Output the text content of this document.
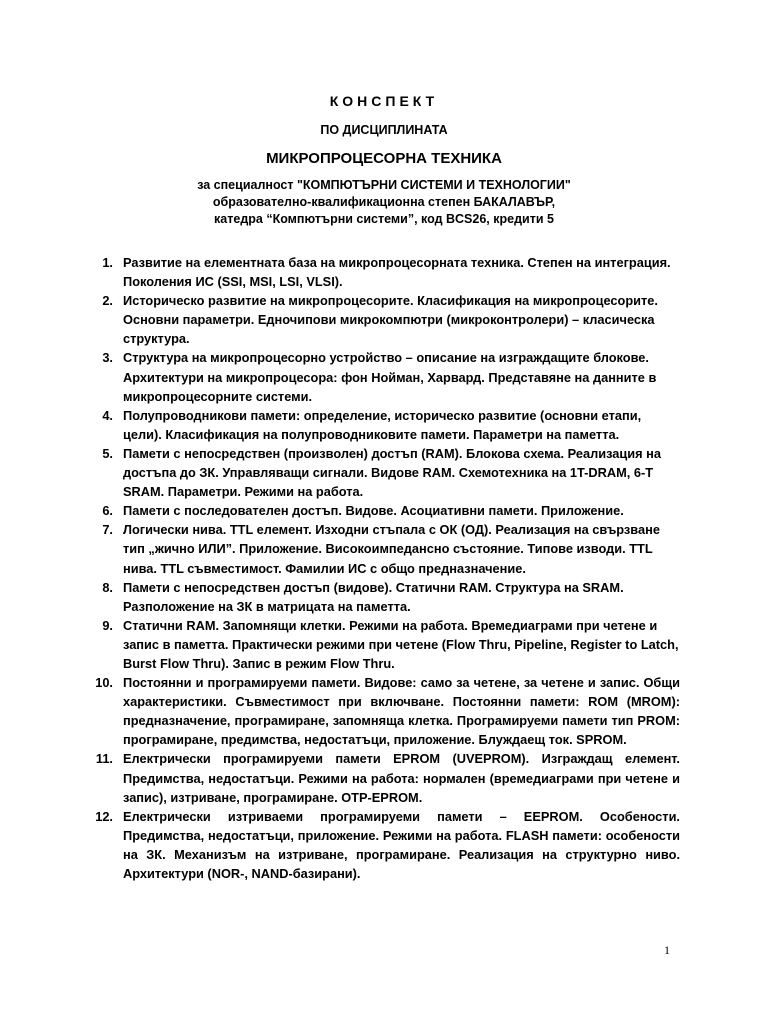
КОНСПЕКТ
ПО ДИСЦИПЛИНАТА
МИКРОПРОЦЕСОРНА ТЕХНИКА
за специалност "КОМПЮТЪРНИ СИСТЕМИ И ТЕХНОЛОГИИ"
образователно-квалификационна степен БАКАЛАВЪР,
катедра “Компютърни системи”, код BCS26, кредити 5
1. Развитие на елементната база на микропроцесорната техника. Степен на интеграция. Поколения ИС (SSI, MSI, LSI, VLSI).
2. Историческо развитие на микропроцесорите. Класификация на микропроцесорите. Основни параметри. Едночипови микрокомпютри (микроконтролери) – класическа структура.
3. Структура на микропроцесорно устройство – описание на изграждащите блокове. Архитектури на микропроцесора: фон Нойман, Харвард. Представяне на данните в микропроцесорните системи.
4. Полупроводникови памети: определение, историческо развитие (основни етапи, цели). Класификация на полупроводниковите памети. Параметри на паметта.
5. Памети с непосредствен (произволен) достъп (RAM). Блокова схема. Реализация на достъпа до ЗК. Управляващи сигнали. Видове RAM. Схемотехника на 1T-DRAM, 6-T SRAM. Параметри. Режими на работа.
6. Памети с последователен достъп. Видове. Асоциативни памети. Приложение.
7. Логически нива. TTL елемент. Изходни стъпала с ОК (ОД). Реализация на свързване тип „жично ИЛИ”. Приложение. Високоимпедансно състояние. Типове изводи. TTL нива. TTL съвместимост. Фамилии ИС с общо предназначение.
8. Памети с непосредствен достъп (видове). Статични RAM. Структура на SRAM. Разположение на ЗК в матрицата на паметта.
9. Статични RAM. Запомнящи клетки. Режими на работа. Времедиаграми при четене и запис в паметта. Практически режими при четене (Flow Thru, Pipeline, Register to Latch, Burst Flow Thru). Запис в режим Flow Thru.
10. Постоянни и програмируеми памети. Видове: само за четене, за четене и запис. Общи характеристики. Съвместимост при включване. Постоянни памети: ROM (MROM): предназначение, програмиране, запомняща клетка. Програмируеми памети тип PROM: програмиране, предимства, недостатъци, приложение. Блуждаещ ток. SPROM.
11. Електрически програмируеми памети EPROM (UVEPROM). Изграждащ елемент. Предимства, недостатъци. Режими на работа: нормален (времедиаграми при четене и запис), изтриване, програмиране. OTP-EPROM.
12. Електрически изтриваеми програмируеми памети – EEPROM. Особености. Предимства, недостатъци, приложение. Режими на работа. FLASH памети: особености на ЗК. Механизъм на изтриване, програмиране. Реализация на структурно ниво. Архитектури (NOR-, NAND-базирани).
1
